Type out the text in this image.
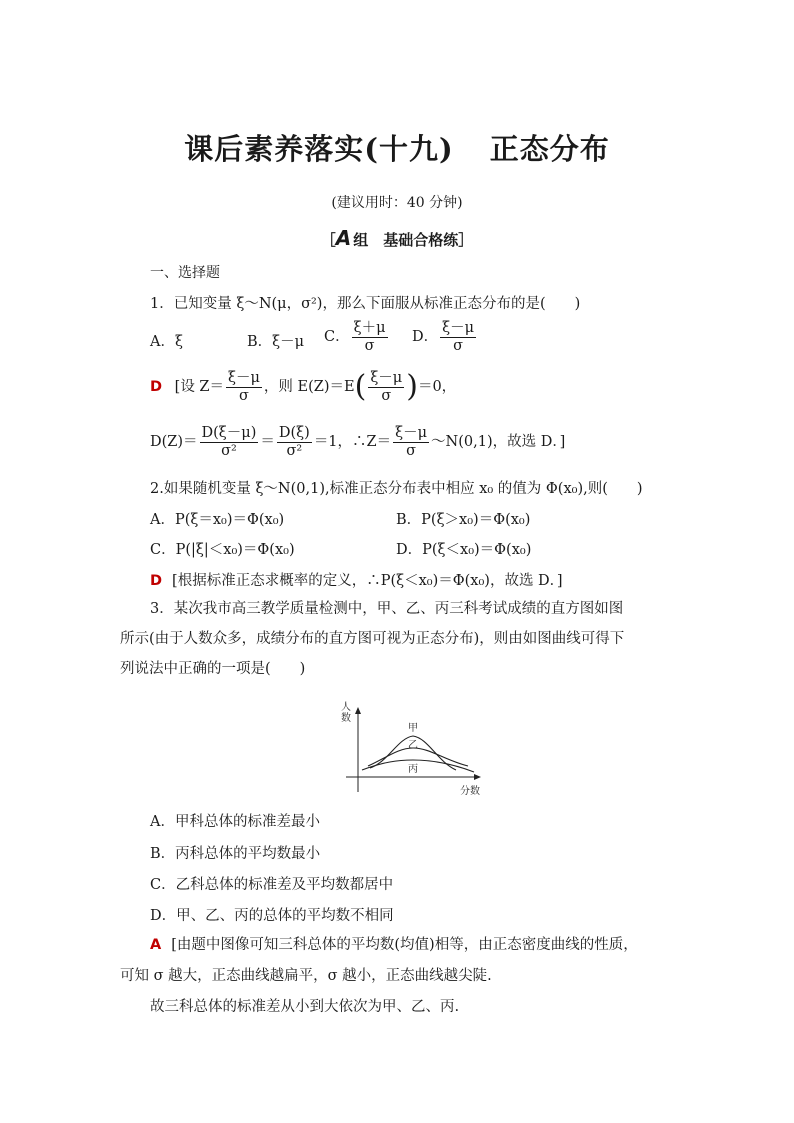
课后素养落实(十九) 正态分布
(建议用时：40 分钟)
［A 组　基础合格练］
一、选择题
1．已知变量 ξ～N(μ，σ²)，那么下面服从标准正态分布的是(　　)
A．ξ	B．ξ－μ C． $\frac{\xi+\mu}{\sigma}$ D． $\frac{\xi-\mu}{\sigma}$
D [设 $Z= \frac{\xi-\mu}{\sigma}$ ，则 $E(Z)=E( \frac{\xi-\mu}{\sigma} )=0$，
$D(Z)= \frac{D(\xi-\mu)}{\text{σ²}} = \frac{D(\xi)}{\text{σ²}} =1$，∴Z＝ $\frac{\xi-\mu}{\sigma}$ ～N(0,1)，故选 D．]
2.如果随机变量 ξ～N(0,1),标准正态分布表中相应 x₀ 的值为 Φ(x₀),则(　　)
A．P(ξ＝x₀)＝Φ(x₀)	B．P(ξ＞x₀)＝Φ(x₀)
C．P(|ξ|＜x₀)＝Φ(x₀)	D．P(ξ＜x₀)＝Φ(x₀)
D [根据标准正态求概率的定义，∴P(ξ＜x₀)＝Φ(x₀)，故选 D．]
3．某次我市高三教学质量检测中，甲、乙、丙三科考试成绩的直方图如图
所示(由于人数众多，成绩分布的直方图可视为正态分布)，则由如图曲线可得下
列说法中正确的一项是(　　)
人
数
分数
甲
乙
丙
A．甲科总体的标准差最小
B．丙科总体的平均数最小
C．乙科总体的标准差及平均数都居中
D．甲、乙、丙的总体的平均数不相同
A [由题中图像可知三科总体的平均数(均值)相等，由正态密度曲线的性质，
可知 σ 越大，正态曲线越扁平，σ 越小，正态曲线越尖陡.
故三科总体的标准差从小到大依次为甲、乙、丙.
